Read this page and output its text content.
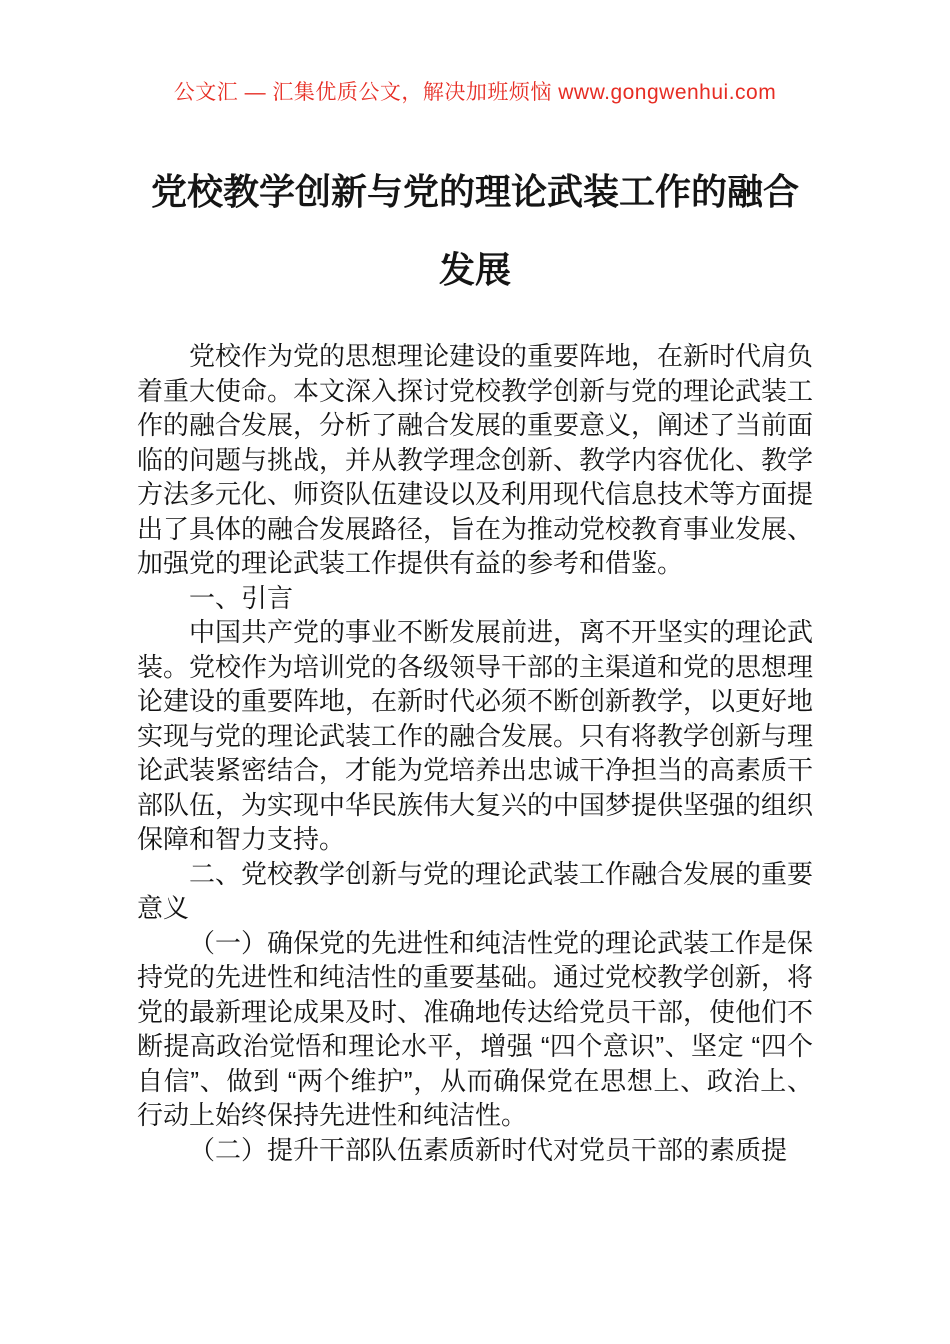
公文汇 — 汇集优质公文，解决加班烦恼 www.gongwenhui.com
党校教学创新与党的理论武装工作的融合发展

党校作为党的思想理论建设的重要阵地，在新时代肩负着重大使命。本文深入探讨党校教学创新与党的理论武装工作的融合发展，分析了融合发展的重要意义，阐述了当前面临的问题与挑战，并从教学理念创新、教学内容优化、教学方法多元化、师资队伍建设以及利用现代信息技术等方面提出了具体的融合发展路径，旨在为推动党校教育事业发展、加强党的理论武装工作提供有益的参考和借鉴。

一、引言

中国共产党的事业不断发展前进，离不开坚实的理论武装。党校作为培训党的各级领导干部的主渠道和党的思想理论建设的重要阵地，在新时代必须不断创新教学，以更好地实现与党的理论武装工作的融合发展。只有将教学创新与理论武装紧密结合，才能为党培养出忠诚干净担当的高素质干部队伍，为实现中华民族伟大复兴的中国梦提供坚强的组织保障和智力支持。

二、党校教学创新与党的理论武装工作融合发展的重要意义

（一）确保党的先进性和纯洁性党的理论武装工作是保持党的先进性和纯洁性的重要基础。通过党校教学创新，将党的最新理论成果及时、准确地传达给党员干部，使他们不断提高政治觉悟和理论水平，增强 “四个意识”、坚定 “四个自信”、做到 “两个维护”，从而确保党在思想上、政治上、行动上始终保持先进性和纯洁性。

（二）提升干部队伍素质新时代对党员干部的素质提
